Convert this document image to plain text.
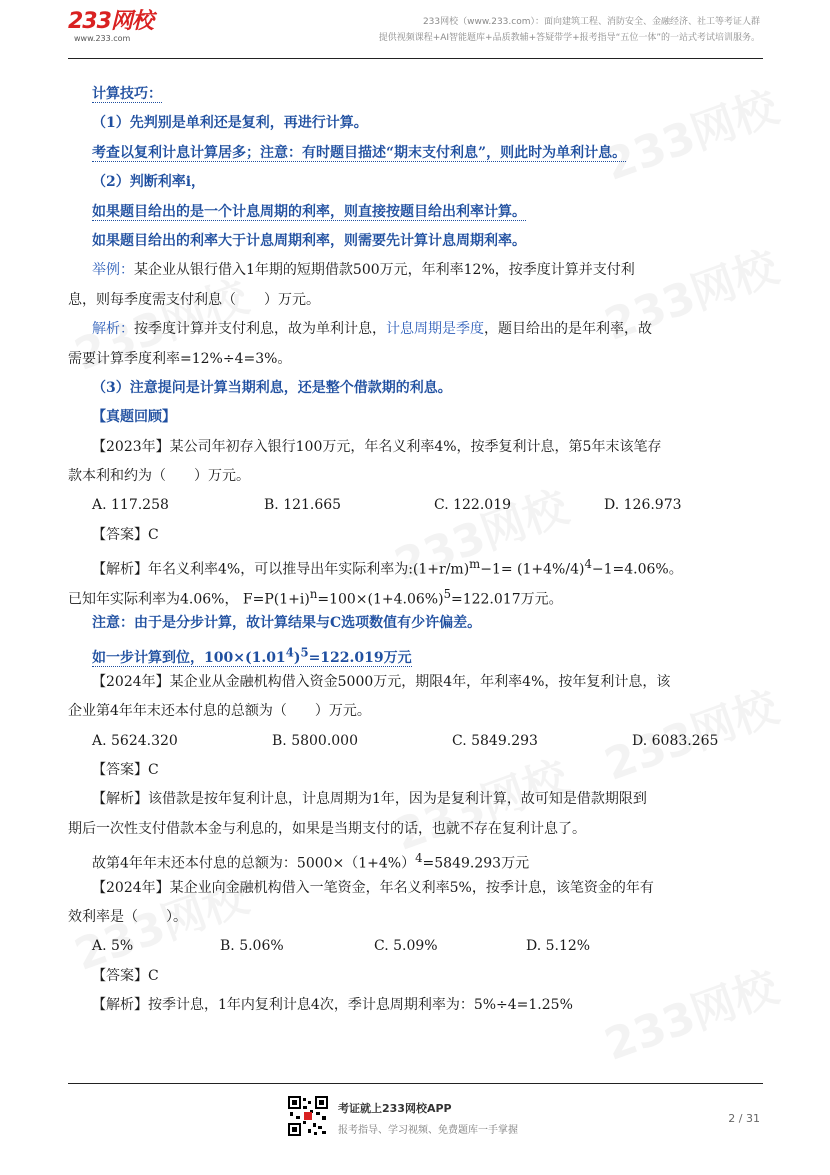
233网校
www.233.com
233网校（www.233.com）：面向建筑工程、消防安全、金融经济、社工等考证人群
提供视频课程+AI智能题库+品质教辅+答疑带学+报考指导“五位一体”的一站式考试培训服务。
计算技巧：
（1）先判别是单利还是复利，再进行计算。
考查以复利计息计算居多；注意：有时题目描述“期末支付利息”，则此时为单利计息。
（2）判断利率i，
如果题目给出的是一个计息周期的利率，则直接按题目给出利率计算。
如果题目给出的利率大于计息周期利率，则需要先计算计息周期利率。
举例：某企业从银行借入1年期的短期借款500万元，年利率12%，按季度计算并支付利
息，则每季度需支付利息（　　）万元。
解析：按季度计算并支付利息，故为单利计息，计息周期是季度，题目给出的是年利率，故
需要计算季度利率=12%÷4=3%。
（3）注意提问是计算当期利息，还是整个借款期的利息。
【真题回顾】
【2023年】某公司年初存入银行100万元，年名义利率4%，按季复利计息，第5年末该笔存
款本利和约为（　　）万元。
A. 117.258	B. 121.665	C. 122.019	D. 126.973
【答案】C
【解析】年名义利率4%，可以推导出年实际利率为$:(1+r/m)^m-1= (1+4\%/4)^4-1=4.06\%$。
已知年实际利率为4.06%， $F=P(1+i)^n=100\times(1+4.06\%)^5=122.017$万元。
注意：由于是分步计算，故计算结果与C选项数值有少许偏差。
如一步计算到位，$100\times(1.01^4)^5=122.019$万元
【2024年】某企业从金融机构借入资金5000万元，期限4年，年利率4%，按年复利计息，该
企业第4年年末还本付息的总额为（　　）万元。
A. 5624.320	B. 5800.000	C. 5849.293	D. 6083.265
【答案】C
【解析】该借款是按年复利计息，计息周期为1年，因为是复利计算，故可知是借款期限到
期后一次性支付借款本金与利息的，如果是当期支付的话，也就不存在复利计息了。
故第4年年末还本付息的总额为：$5000\times(1+4\%)^4=5849.293$万元
【2024年】某企业向金融机构借入一笔资金，年名义利率5%，按季计息，该笔资金的年有
效利率是（　　）。
A. 5%	B. 5.06%	C. 5.09%	D. 5.12%
【答案】C
【解析】按季计息，1年内复利计息4次，季计息周期利率为：5%÷4=1.25%
考证就上233网校APP
报考指导、学习视频、免费题库一手掌握
2 / 31
